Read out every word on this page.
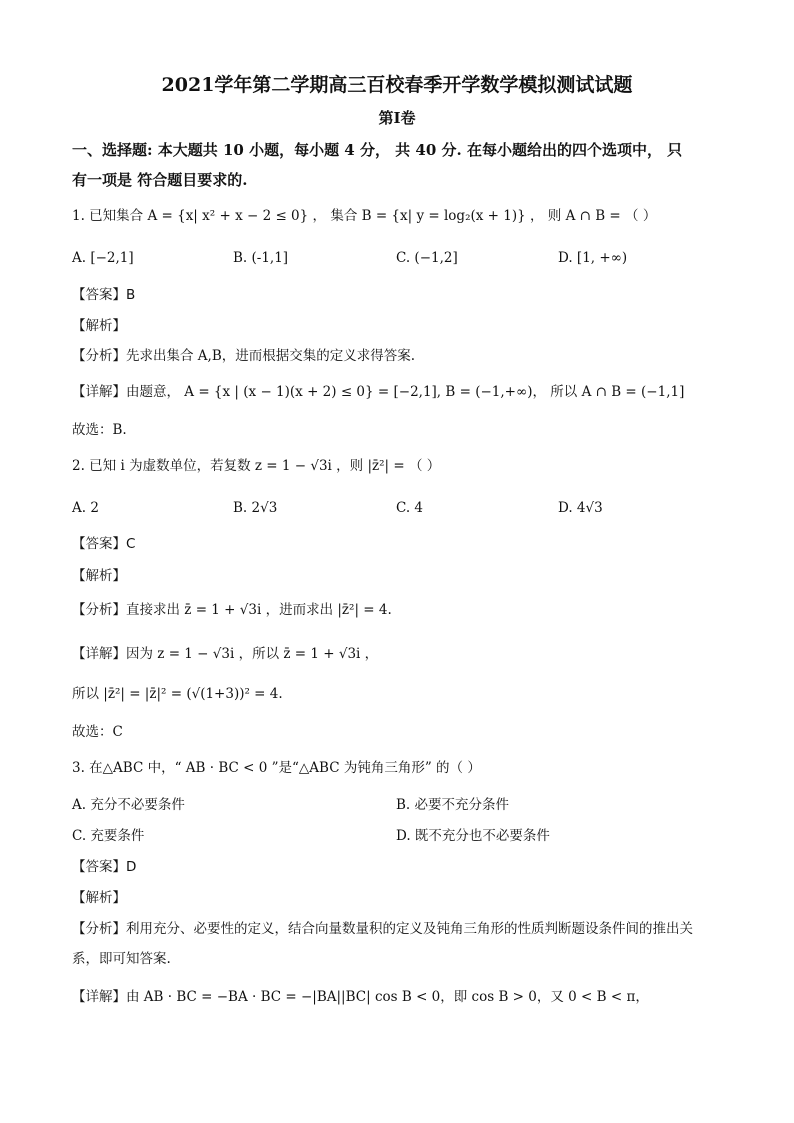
2021学年第二学期高三百校春季开学数学模拟测试试题
第I卷
一、选择题: 本大题共 10 小题，每小题 4 分， 共 40 分. 在每小题给出的四个选项中， 只
有一项是 符合题目要求的.
1. 已知集合 A = {x| x² + x − 2 ≤ 0} ， 集合 B = {x| y = log₂(x + 1)} ， 则 A ∩ B = （ ）
A. [−2,1]	B. (-1,1]	C. (−1,2]	D. [1, +∞)
【答案】B
【解析】
【分析】先求出集合 A,B，进而根据交集的定义求得答案.
【详解】由题意， A = {x | (x − 1)(x + 2) ≤ 0} = [−2,1], B = (−1,+∞)， 所以 A ∩ B = (−1,1]
故选：B.
2. 已知 i 为虚数单位，若复数 z = 1 − √3i ，则 |z̄²| = （ ）
A. 2	B. 2√3	C. 4	D. 4√3
【答案】C
【解析】
【分析】直接求出 z̄ = 1 + √3i ，进而求出 |z̄²| = 4.
【详解】因为 z = 1 − √3i ，所以 z̄ = 1 + √3i ，
所以 |z̄²| = |z̄|² = (√(1+3))² = 4.
故选：C
3. 在△ABC 中，“ AB · BC < 0 ”是“△ABC 为钝角三角形” 的（ ）
A. 充分不必要条件	B. 必要不充分条件
C. 充要条件	D. 既不充分也不必要条件
【答案】D
【解析】
【分析】利用充分、必要性的定义，结合向量数量积的定义及钝角三角形的性质判断题设条件间的推出关
系，即可知答案.
【详解】由 AB · BC = −BA · BC = −|BA||BC| cos B < 0，即 cos B > 0，又 0 < B < π，
